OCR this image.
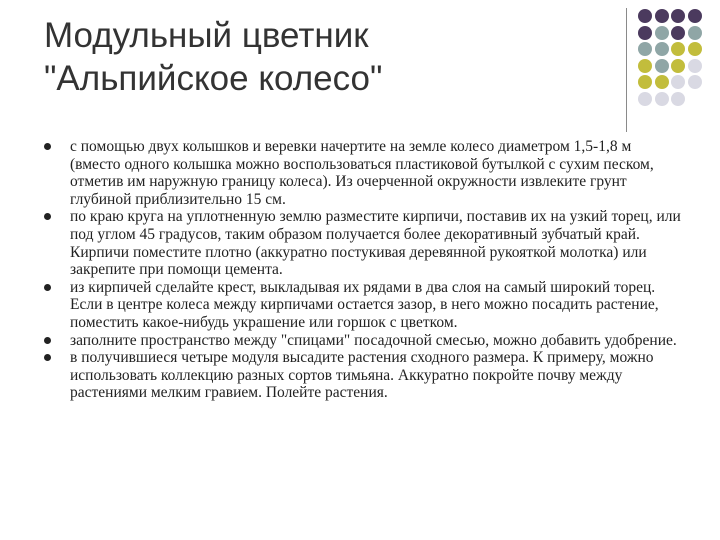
Модульный цветник
"Альпийское колесо"
с помощью двух колышков и веревки начертите на земле колесо диаметром 1,5-1,8 м (вместо одного колышка можно воспользоваться пластиковой бутылкой с сухим песком, отметив им наружную границу колеса). Из очерченной окружности извлеките грунт глубиной приблизительно 15 см.
по краю круга на уплотненную землю разместите кирпичи, поставив их на узкий торец, или под углом 45 градусов, таким образом получается более декоративный зубчатый край. Кирпичи поместите плотно (аккуратно постукивая деревянной рукояткой молотка) или закрепите при помощи цемента.
из кирпичей сделайте крест, выкладывая их рядами в два слоя на самый широкий торец. Если в центре колеса между кирпичами остается зазор, в него можно посадить растение, поместить какое-нибудь украшение или горшок с цветком.
заполните пространство между "спицами" посадочной смесью, можно добавить удобрение.
в получившиеся четыре модуля высадите растения сходного размера. К примеру, можно использовать коллекцию разных сортов тимьяна. Аккуратно покройте почву между растениями мелким гравием. Полейте растения.
